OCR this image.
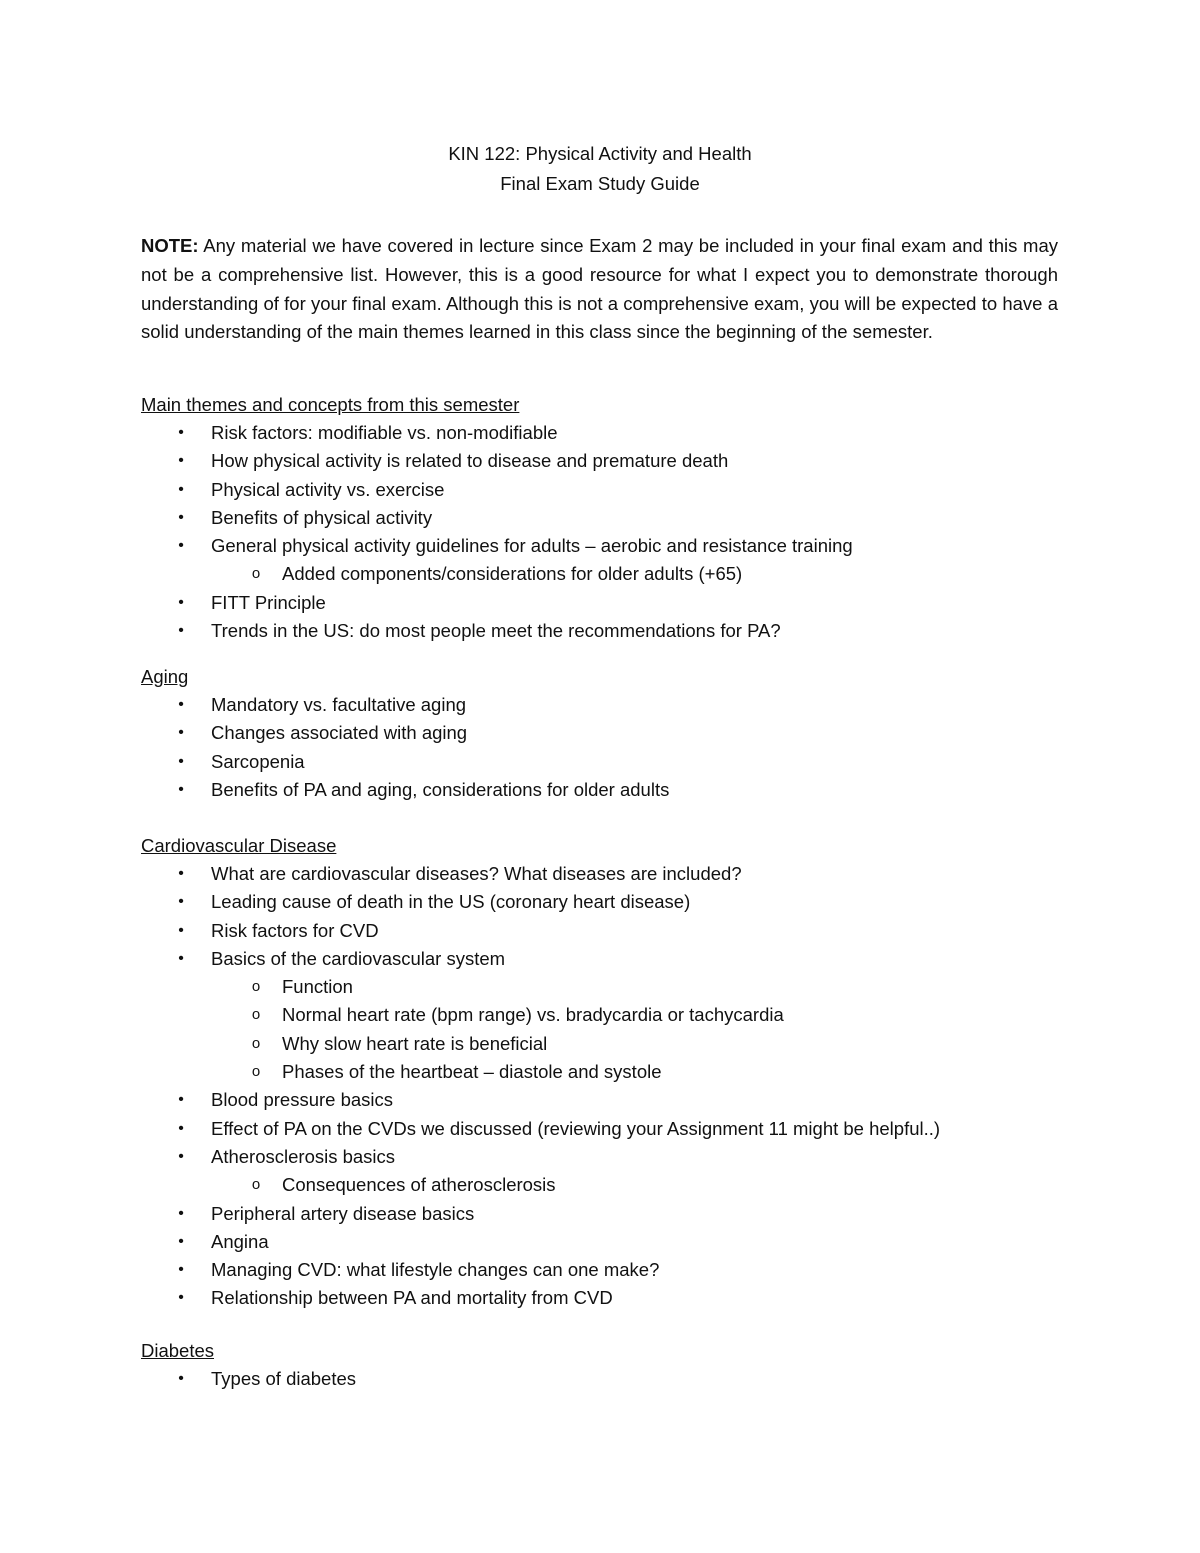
KIN 122: Physical Activity and Health
Final Exam Study Guide
NOTE: Any material we have covered in lecture since Exam 2 may be included in your final exam and this may not be a comprehensive list. However, this is a good resource for what I expect you to demonstrate thorough understanding of for your final exam. Although this is not a comprehensive exam, you will be expected to have a solid understanding of the main themes learned in this class since the beginning of the semester.
Main themes and concepts from this semester
•	Risk factors: modifiable vs. non-modifiable
•	How physical activity is related to disease and premature death
•	Physical activity vs. exercise
•	Benefits of physical activity
•	General physical activity guidelines for adults – aerobic and resistance training
o	Added components/considerations for older adults (+65)
•	FITT Principle
•	Trends in the US: do most people meet the recommendations for PA?
Aging
•	Mandatory vs. facultative aging
•	Changes associated with aging
•	Sarcopenia
•	Benefits of PA and aging, considerations for older adults
Cardiovascular Disease
•	What are cardiovascular diseases? What diseases are included?
•	Leading cause of death in the US (coronary heart disease)
•	Risk factors for CVD
•	Basics of the cardiovascular system
o	Function
o	Normal heart rate (bpm range) vs. bradycardia or tachycardia
o	Why slow heart rate is beneficial
o	Phases of the heartbeat – diastole and systole
•	Blood pressure basics
•	Effect of PA on the CVDs we discussed (reviewing your Assignment 11 might be helpful..)
•	Atherosclerosis basics
o	Consequences of atherosclerosis
•	Peripheral artery disease basics
•	Angina
•	Managing CVD: what lifestyle changes can one make?
•	Relationship between PA and mortality from CVD
Diabetes
•	Types of diabetes
